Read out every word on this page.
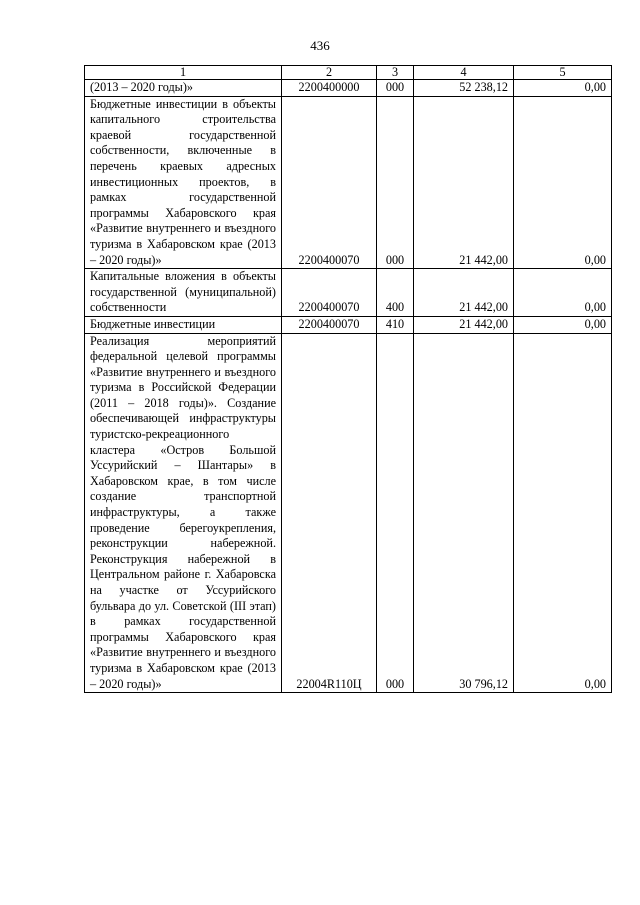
436
1	2	3	4	5
(2013 – 2020 годы)»	2200400000	000	52 238,12	0,00
Бюджетные инвестиции в объекты капитального строительства краевой государственной собственности, включенные в перечень краевых адресных инвестиционных проектов, в рамках государственной программы Хабаровского края «Развитие внутреннего и въездного туризма в Хабаровском крае (2013 – 2020 годы)»	2200400070	000	21 442,00	0,00
Капитальные вложения в объекты государственной (муниципальной) собственности	2200400070	400	21 442,00	0,00
Бюджетные инвестиции	2200400070	410	21 442,00	0,00
Реализация мероприятий федеральной целевой программы «Развитие внутреннего и въездного туризма в Российской Федерации (2011 – 2018 годы)». Создание обеспечивающей инфраструктуры туристско-рекреационного кластера «Остров Большой Уссурийский – Шантары» в Хабаровском крае, в том числе создание транспортной инфраструктуры, а также проведение берегоукрепления, реконструкции набережной. Реконструкция набережной в Центральном районе г. Хабаровска на участке от Уссурийского бульвара до ул. Советской (III этап) в рамках государственной программы Хабаровского края «Развитие внутреннего и въездного туризма в Хабаровском крае (2013 – 2020 годы)»	22004R110Ц	000	30 796,12	0,00
